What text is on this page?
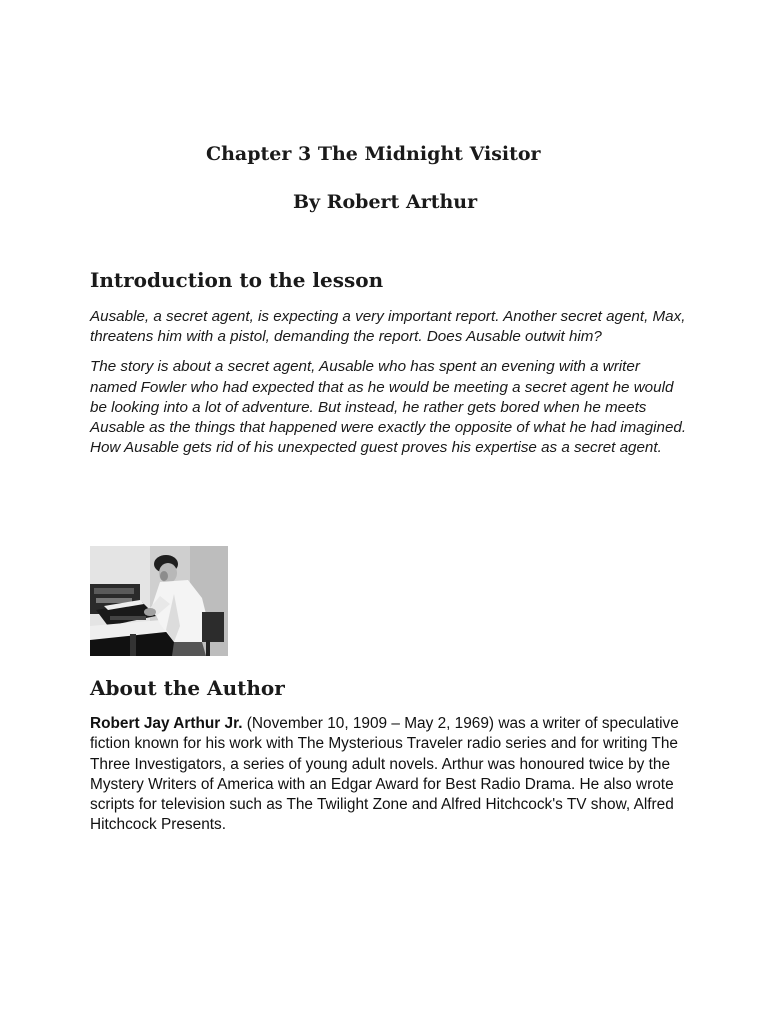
Chapter 3 The Midnight Visitor
By Robert Arthur
Introduction to the lesson

Ausable, a secret agent, is expecting a very important report. Another secret agent, Max, threatens him with a pistol, demanding the report. Does Ausable outwit him?

The story is about a secret agent, Ausable who has spent an evening with a writer named Fowler who had expected that as he would be meeting a secret agent he would be looking into a lot of adventure. But instead, he rather gets bored when he meets Ausable as the things that happened were exactly the opposite of what he had imagined. How Ausable gets rid of his unexpected guest proves his expertise as a secret agent.

About the Author

Robert Jay Arthur Jr. (November 10, 1909 – May 2, 1969) was a writer of speculative fiction known for his work with The Mysterious Traveler radio series and for writing The Three Investigators, a series of young adult novels. Arthur was honoured twice by the Mystery Writers of America with an Edgar Award for Best Radio Drama. He also wrote scripts for television such as The Twilight Zone and Alfred Hitchcock's TV show, Alfred Hitchcock Presents.
